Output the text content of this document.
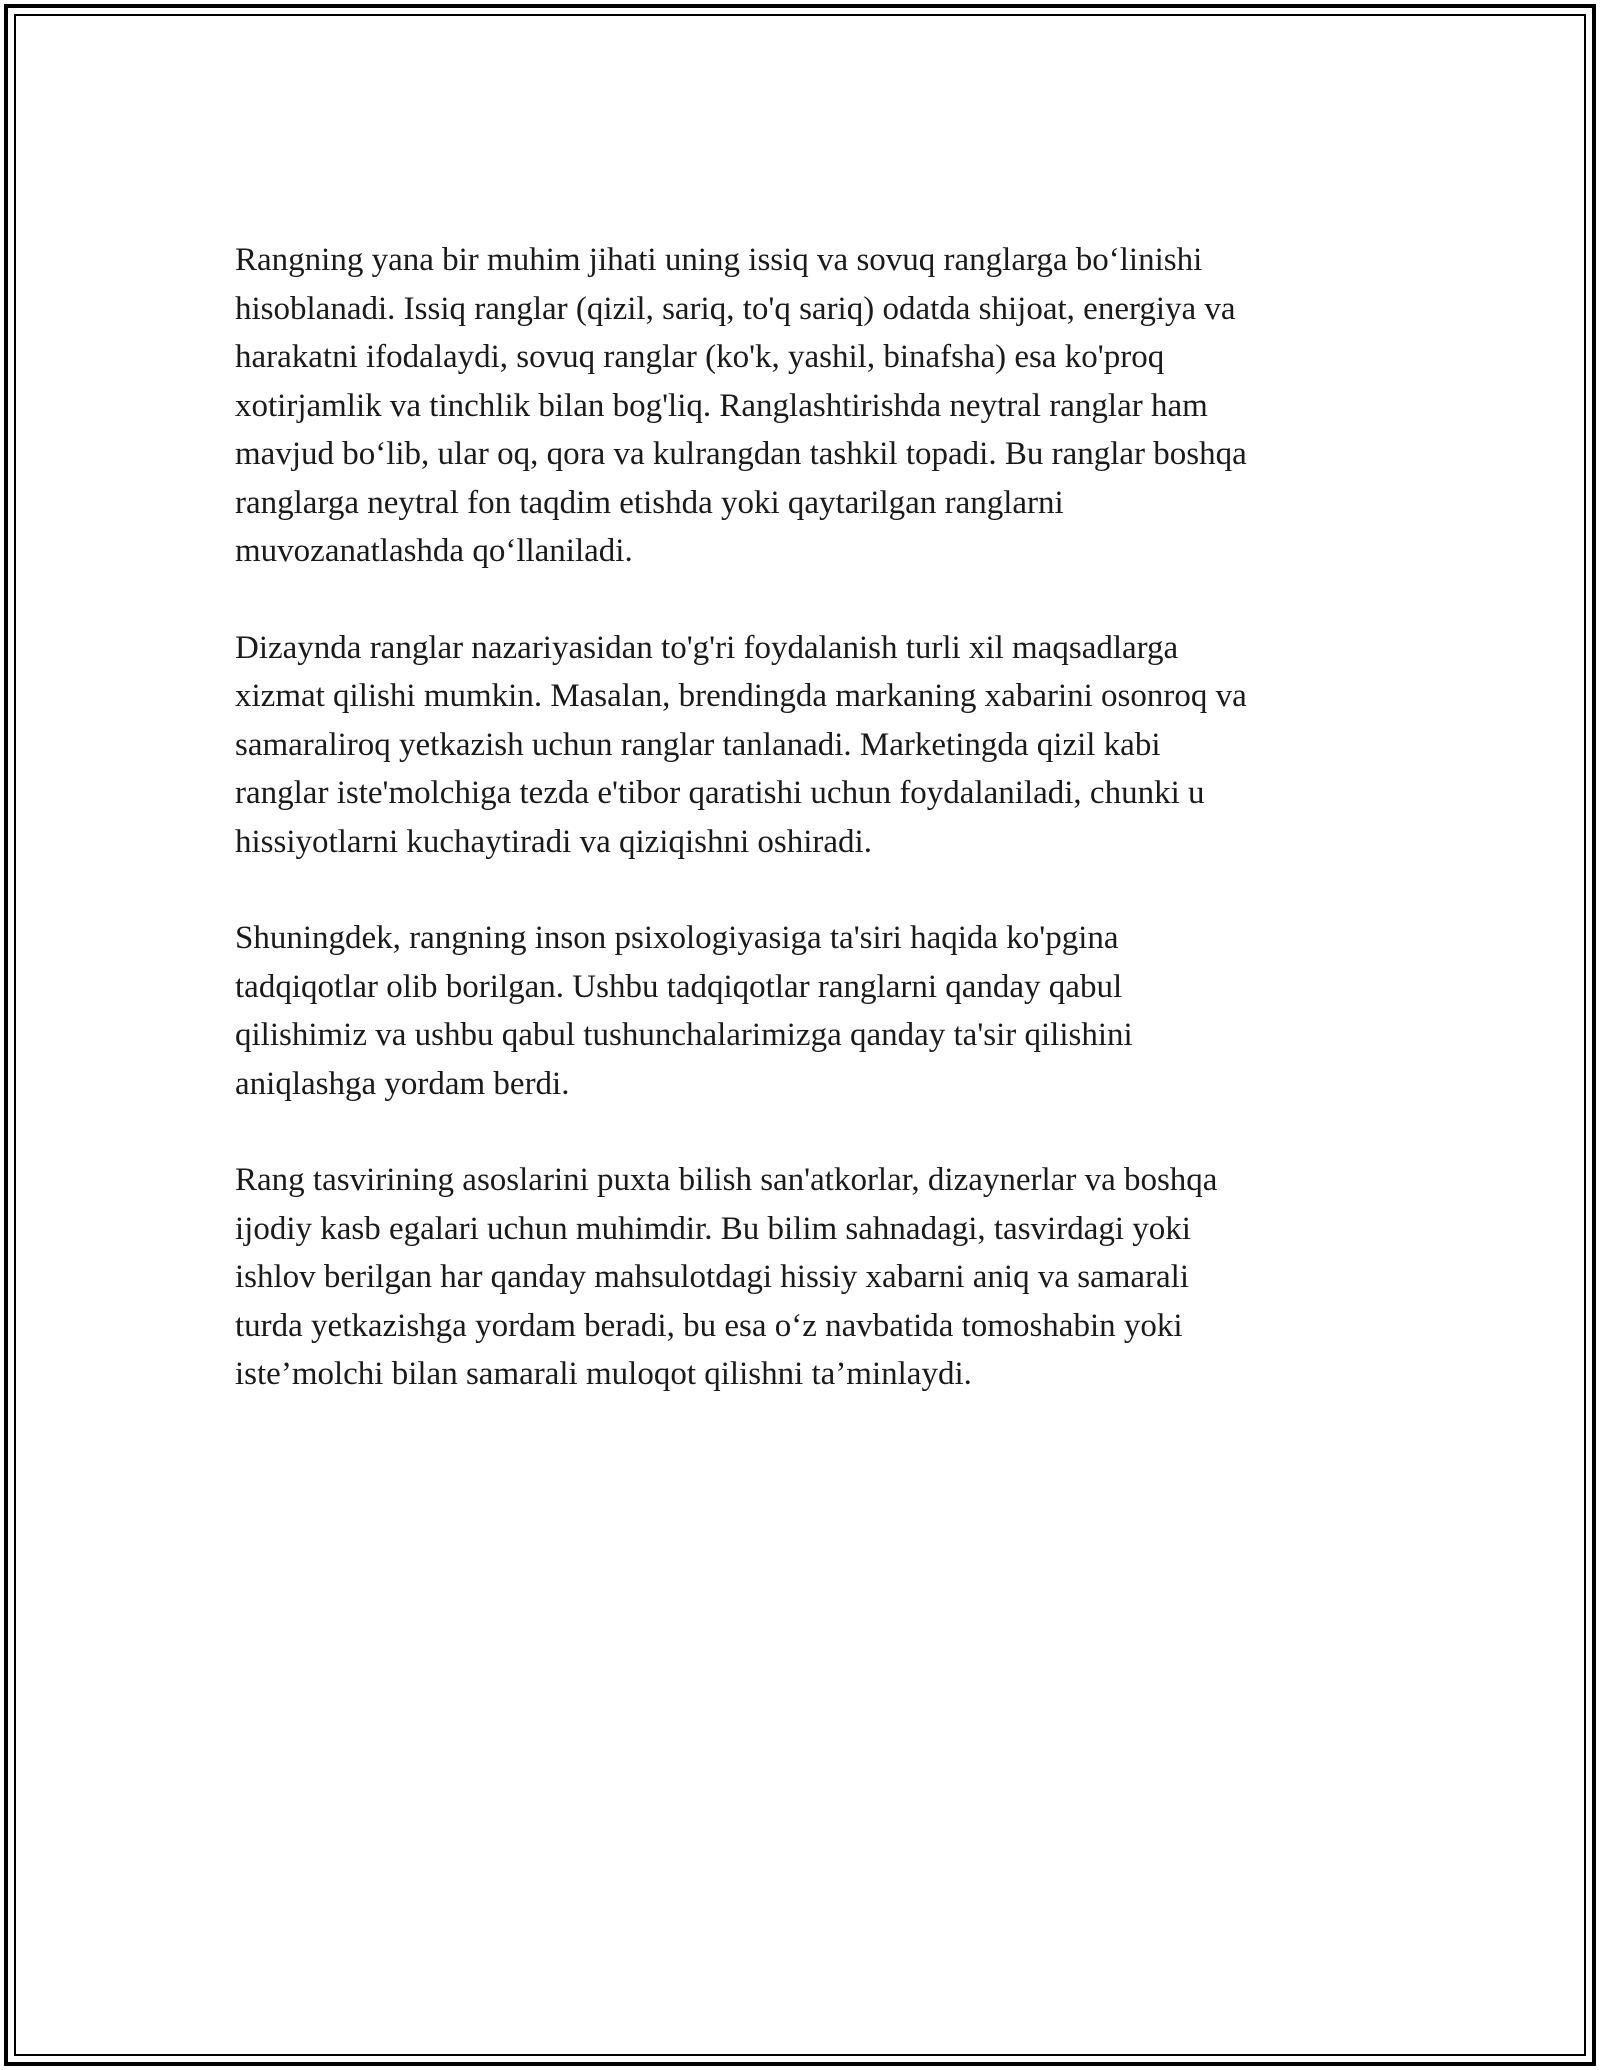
Rangning yana bir muhim jihati uning issiq va sovuq ranglarga bo‘linishi
hisoblanadi. Issiq ranglar (qizil, sariq, to'q sariq) odatda shijoat, energiya va
harakatni ifodalaydi, sovuq ranglar (ko'k, yashil, binafsha) esa ko'proq
xotirjamlik va tinchlik bilan bog'liq. Ranglashtirishda neytral ranglar ham
mavjud bo‘lib, ular oq, qora va kulrangdan tashkil topadi. Bu ranglar boshqa
ranglarga neytral fon taqdim etishda yoki qaytarilgan ranglarni
muvozanatlashda qo‘llaniladi.

Dizaynda ranglar nazariyasidan to'g'ri foydalanish turli xil maqsadlarga
xizmat qilishi mumkin. Masalan, brendingda markaning xabarini osonroq va
samaraliroq yetkazish uchun ranglar tanlanadi. Marketingda qizil kabi
ranglar iste'molchiga tezda e'tibor qaratishi uchun foydalaniladi, chunki u
hissiyotlarni kuchaytiradi va qiziqishni oshiradi.

Shuningdek, rangning inson psixologiyasiga ta'siri haqida ko'pgina
tadqiqotlar olib borilgan. Ushbu tadqiqotlar ranglarni qanday qabul
qilishimiz va ushbu qabul tushunchalarimizga qanday ta'sir qilishini
aniqlashga yordam berdi.

Rang tasvirining asoslarini puxta bilish san'atkorlar, dizaynerlar va boshqa
ijodiy kasb egalari uchun muhimdir. Bu bilim sahnadagi, tasvirdagi yoki
ishlov berilgan har qanday mahsulotdagi hissiy xabarni aniq va samarali
turda yetkazishga yordam beradi, bu esa o‘z navbatida tomoshabin yoki
iste’molchi bilan samarali muloqot qilishni ta’minlaydi.
